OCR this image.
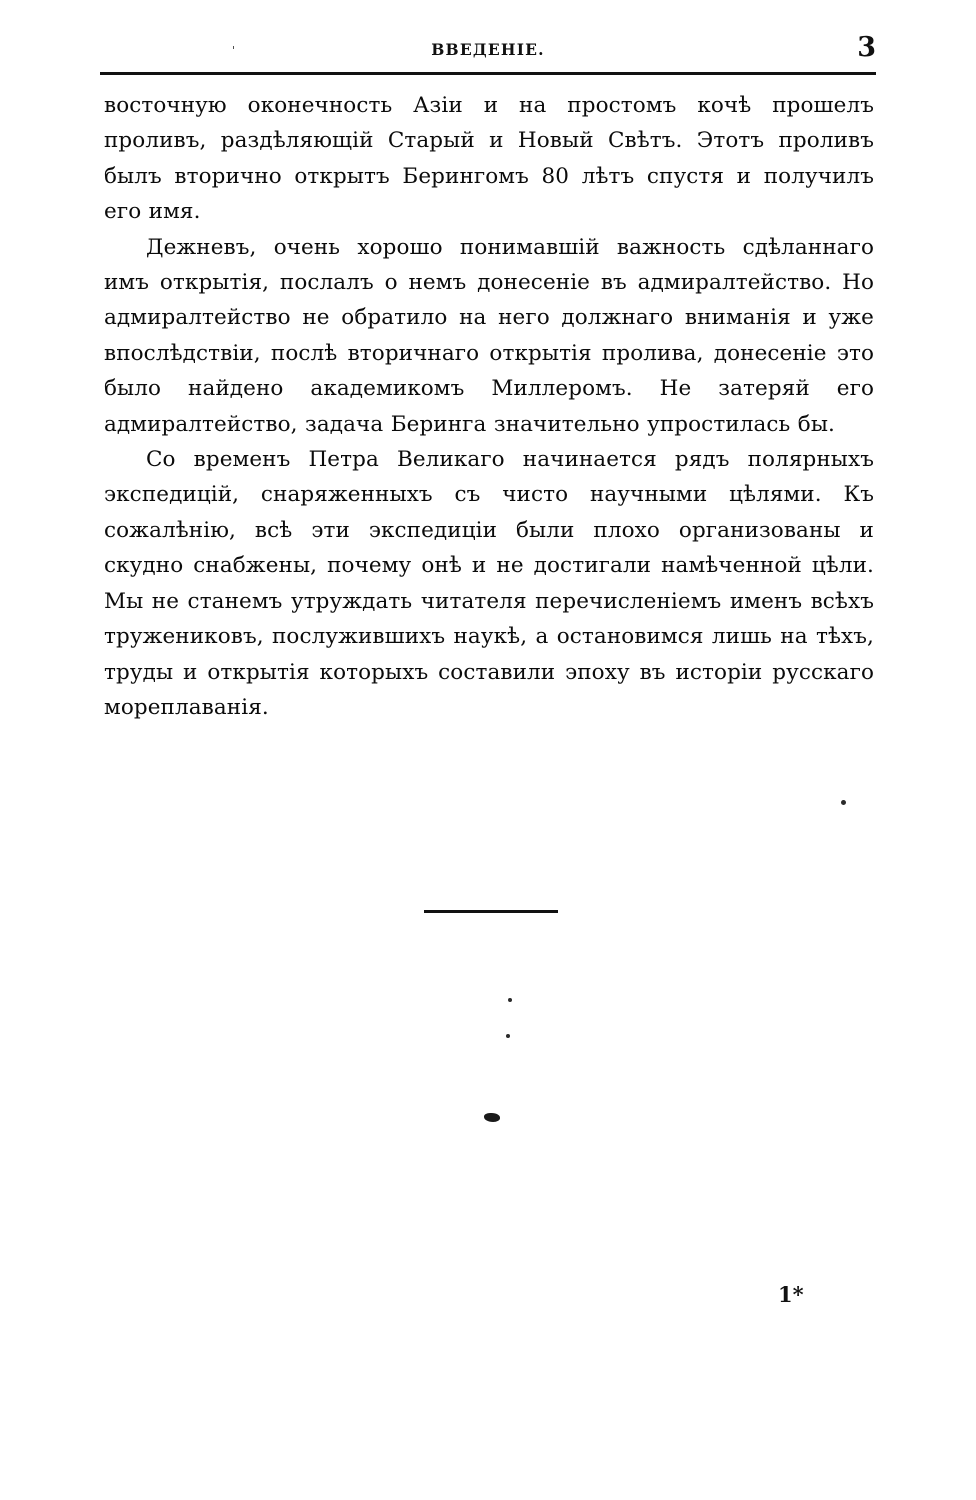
'	ВВЕДЕНІЕ.	3

восточную оконечность Азіи и на простомъ кочѣ прошелъ проливъ, раздѣляющій Старый и Новый Свѣтъ. Этотъ проливъ былъ вторично открытъ Берингомъ 80 лѣтъ спустя и получилъ его имя.

Дежневъ, очень хорошо понимавшій важность сдѣланнаго имъ открытія, послалъ о немъ донесеніе въ адмиралтейство. Но адмиралтейство не обратило на него должнаго вниманія и уже впослѣдствіи, послѣ вторичнаго открытія пролива, донесеніе это было найдено академикомъ Миллеромъ. Не затеряй его адмиралтейство, задача Беринга значительно упростилась бы.

Со временъ Петра Великаго начинается рядъ полярныхъ экспедицій, снаряженныхъ съ чисто научными цѣлями. Къ сожалѣнію, всѣ эти экспедиціи были плохо организованы и скудно снабжены, почему онѣ и не достигали намѣченной цѣли. Мы не станемъ утруждать читателя перечисленіемъ именъ всѣхъ тружениковъ, послужившихъ наукѣ, а остановимся лишь на тѣхъ, труды и открытія которыхъ составили эпоху въ исторіи русскаго мореплаванія.

1*
